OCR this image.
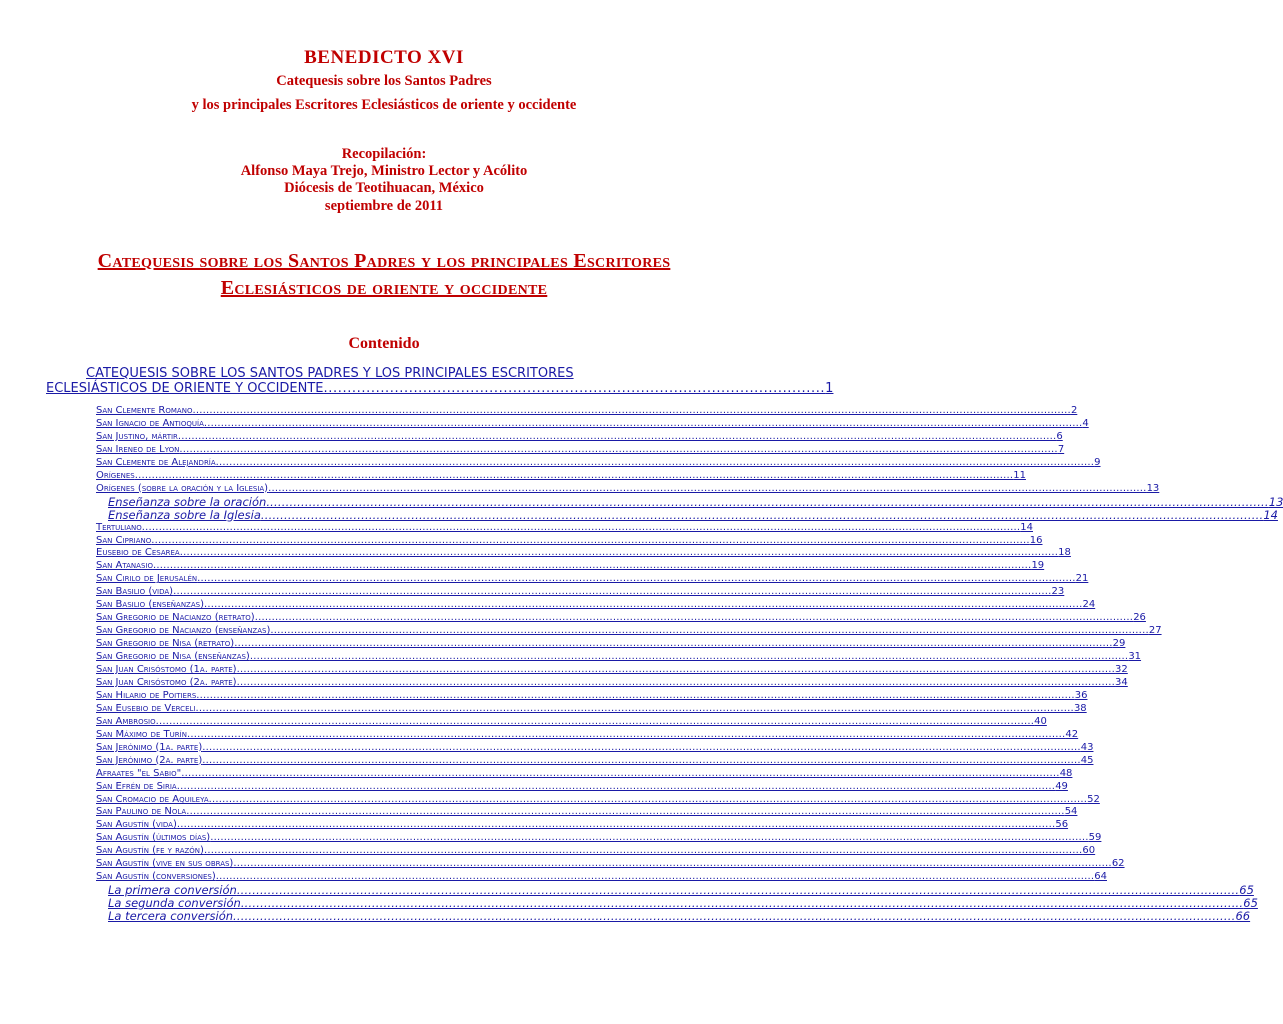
BENEDICTO XVI
Catequesis sobre los Santos Padres
y los principales Escritores Eclesiásticos de oriente y occidente
Recopilación:
Alfonso Maya Trejo, Ministro Lector y Acólito
Diócesis de Teotihuacan, México
septiembre de 2011
Catequesis sobre los Santos Padres y los principales Escritores
Eclesiásticos de oriente y occidente
Contenido
CATEQUESIS SOBRE LOS SANTOS PADRES Y LOS PRINCIPALES ESCRITORES
ECLESIÁSTICOS DE ORIENTE Y OCCIDENTE .......................................................................................................... 1
San Clemente Romano .................................................................................................................................................................................................................................................................... 2
San Ignacio de Antioquía .................................................................................................................................................................................................................................................................... 4
San Justino, mártir .................................................................................................................................................................................................................................................................... 6
San Ireneo de Lyon .................................................................................................................................................................................................................................................................... 7
San Clemente de Alejandría .................................................................................................................................................................................................................................................................... 9
Orígenes .................................................................................................................................................................................................................................................................... 11
Orígenes (sobre la oración y la Iglesia) .................................................................................................................................................................................................................................................................... 13
Enseñanza sobre la oración .................................................................................................................................................................................................................................................................... 13
Enseñanza sobre la Iglesia .................................................................................................................................................................................................................................................................... 14
Tertuliano .................................................................................................................................................................................................................................................................... 14
San Cipriano .................................................................................................................................................................................................................................................................... 16
Eusebio de Cesarea .................................................................................................................................................................................................................................................................... 18
San Atanasio .................................................................................................................................................................................................................................................................... 19
San Cirilo de Jerusalén .................................................................................................................................................................................................................................................................... 21
San Basilio (vida) .................................................................................................................................................................................................................................................................... 23
San Basilio (enseñanzas) .................................................................................................................................................................................................................................................................... 24
San Gregorio de Nacianzo (retrato) .................................................................................................................................................................................................................................................................... 26
San Gregorio de Nacianzo (enseñanzas) .................................................................................................................................................................................................................................................................... 27
San Gregorio de Nisa (retrato) .................................................................................................................................................................................................................................................................... 29
San Gregorio de Nisa (enseñanzas) .................................................................................................................................................................................................................................................................... 31
San Juan Crisóstomo (1a. parte) .................................................................................................................................................................................................................................................................... 32
San Juan Crisóstomo (2a. parte) .................................................................................................................................................................................................................................................................... 34
San Hilario de Poitiers .................................................................................................................................................................................................................................................................... 36
San Eusebio de Verceli .................................................................................................................................................................................................................................................................... 38
San Ambrosio .................................................................................................................................................................................................................................................................... 40
San Máximo de Turín .................................................................................................................................................................................................................................................................... 42
San Jerónimo (1a. parte) .................................................................................................................................................................................................................................................................... 43
San Jerónimo (2a. parte) .................................................................................................................................................................................................................................................................... 45
Afraates "el Sabio" .................................................................................................................................................................................................................................................................... 48
San Efrén de Siria .................................................................................................................................................................................................................................................................... 49
San Cromacio de Aquileya .................................................................................................................................................................................................................................................................... 52
San Paulino de Nola .................................................................................................................................................................................................................................................................... 54
San Agustín (vida) .................................................................................................................................................................................................................................................................... 56
San Agustín (últimos días) .................................................................................................................................................................................................................................................................... 59
San Agustín (fe y razón) .................................................................................................................................................................................................................................................................... 60
San Agustín (vive en sus obras) .................................................................................................................................................................................................................................................................... 62
San Agustín (conversiones) .................................................................................................................................................................................................................................................................... 64
La primera conversión .................................................................................................................................................................................................................................................................... 65
La segunda conversión .................................................................................................................................................................................................................................................................... 65
La tercera conversión .................................................................................................................................................................................................................................................................... 66
